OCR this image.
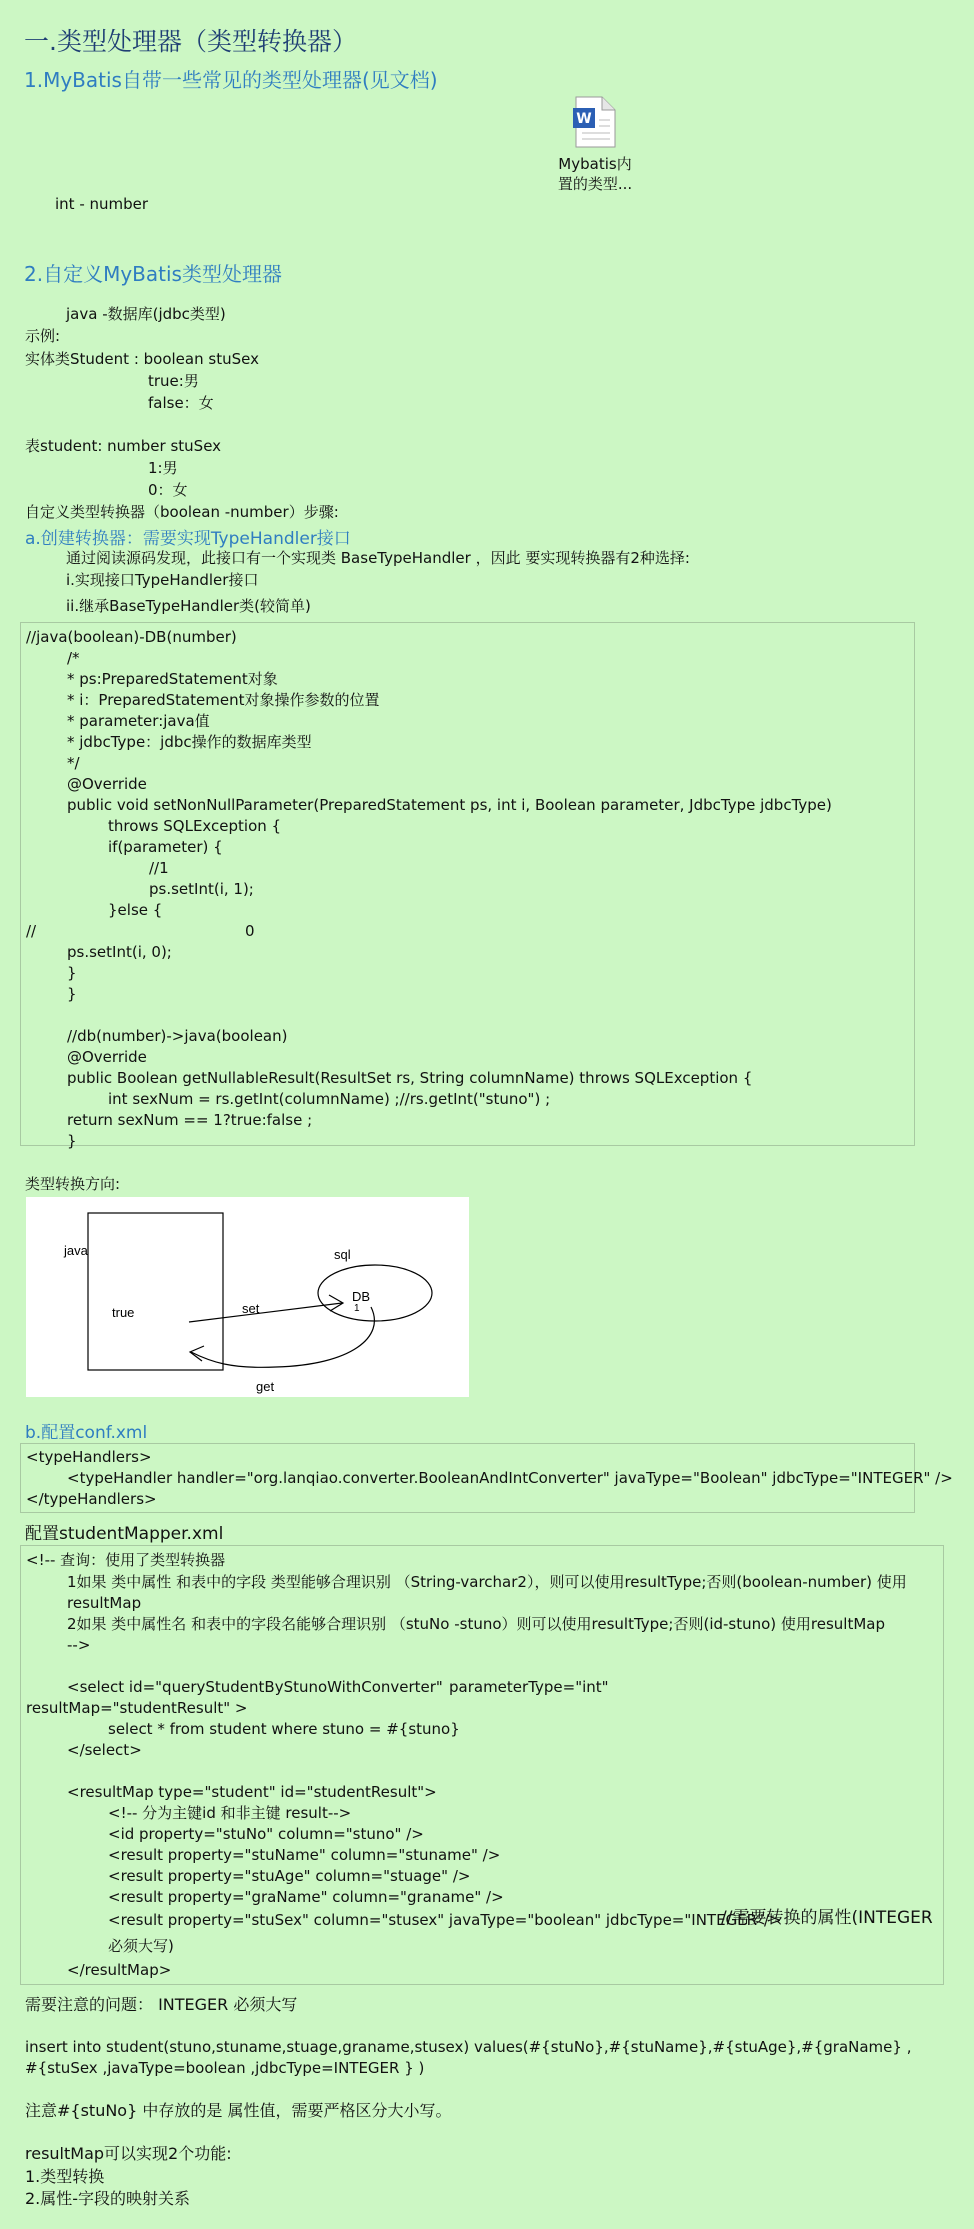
一.类型处理器（类型转换器）
1.MyBatis自带一些常见的类型处理器(见文档)
W
Mybatis内
置的类型...
int - number
2.自定义MyBatis类型处理器
java -数据库(jdbc类型)
示例:
实体类Student : boolean stuSex
true:男
false：女
表student: number stuSex
1:男
0：女
自定义类型转换器（boolean -number）步骤:
a.创建转换器：需要实现TypeHandler接口
通过阅读源码发现，此接口有一个实现类 BaseTypeHandler ，因此 要实现转换器有2种选择:
i.实现接口TypeHandler接口
ii.继承BaseTypeHandler类(较简单)
//java(boolean)-DB(number)
/*
* ps:PreparedStatement对象
* i：PreparedStatement对象操作参数的位置
* parameter:java值
* jdbcType：jdbc操作的数据库类型
*/
@Override
public void setNonNullParameter(PreparedStatement ps, int i, Boolean parameter, JdbcType jdbcType)
throws SQLException {
if(parameter) {
//1
ps.setInt(i, 1);
}else {
//	0
ps.setInt(i, 0);
}
}
//db(number)->java(boolean)
@Override
public Boolean getNullableResult(ResultSet rs, String columnName) throws SQLException {
int sexNum = rs.getInt(columnName) ;//rs.getInt("stuno") ;
return sexNum == 1?true:false ;
}
类型转换方向:
java
true
sql
DB
1
set
get
b.配置conf.xml
<typeHandlers>
<typeHandler handler="org.lanqiao.converter.BooleanAndIntConverter" javaType="Boolean" jdbcType="INTEGER" />
</typeHandlers>
配置studentMapper.xml
<!-- 查询：使用了类型转换器
1如果 类中属性 和表中的字段 类型能够合理识别 （String-varchar2），则可以使用resultType;否则(boolean-number) 使用
resultMap
2如果 类中属性名 和表中的字段名能够合理识别 （stuNo -stuno）则可以使用resultType;否则(id-stuno) 使用resultMap
-->
<select id="queryStudentByStunoWithConverter" parameterType="int"
resultMap="studentResult" >
select * from student where stuno = #{stuno}
</select>
<resultMap type="student" id="studentResult">
<!-- 分为主键id 和非主键 result-->
<id property="stuNo" column="stuno" />
<result property="stuName" column="stuname" />
<result property="stuAge" column="stuage" />
<result property="graName" column="graname" />
<result property="stuSex" column="stusex" javaType="boolean" jdbcType="INTEGER"/>
//需要转换的属性(INTEGER
必须大写)
</resultMap>
需要注意的问题： INTEGER 必须大写
insert into student(stuno,stuname,stuage,graname,stusex) values(#{stuNo},#{stuName},#{stuAge},#{graName} ,
#{stuSex ,javaType=boolean ,jdbcType=INTEGER } )
注意#{stuNo} 中存放的是 属性值，需要严格区分大小写。
resultMap可以实现2个功能:
1.类型转换
2.属性-字段的映射关系
